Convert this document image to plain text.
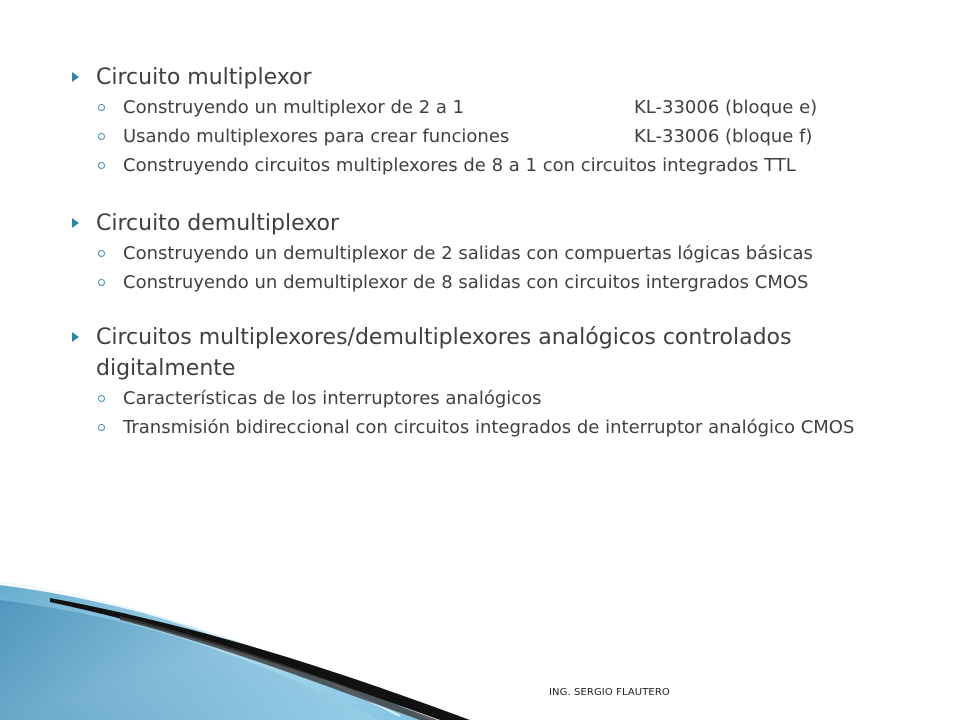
Circuito multiplexor
Construyendo un multiplexor de 2 a 1	KL-33006 (bloque e)
Usando multiplexores para crear funciones	KL-33006 (bloque f)
Construyendo circuitos multiplexores de 8 a 1 con circuitos integrados TTL
Circuito demultiplexor
Construyendo un demultiplexor de 2 salidas con compuertas lógicas básicas
Construyendo un demultiplexor de 8 salidas con circuitos intergrados CMOS
Circuitos multiplexores/demultiplexores analógicos controlados digitalmente
Características de los interruptores analógicos
Transmisión bidireccional con circuitos integrados de interruptor analógico CMOS
ING. SERGIO FLAUTERO
